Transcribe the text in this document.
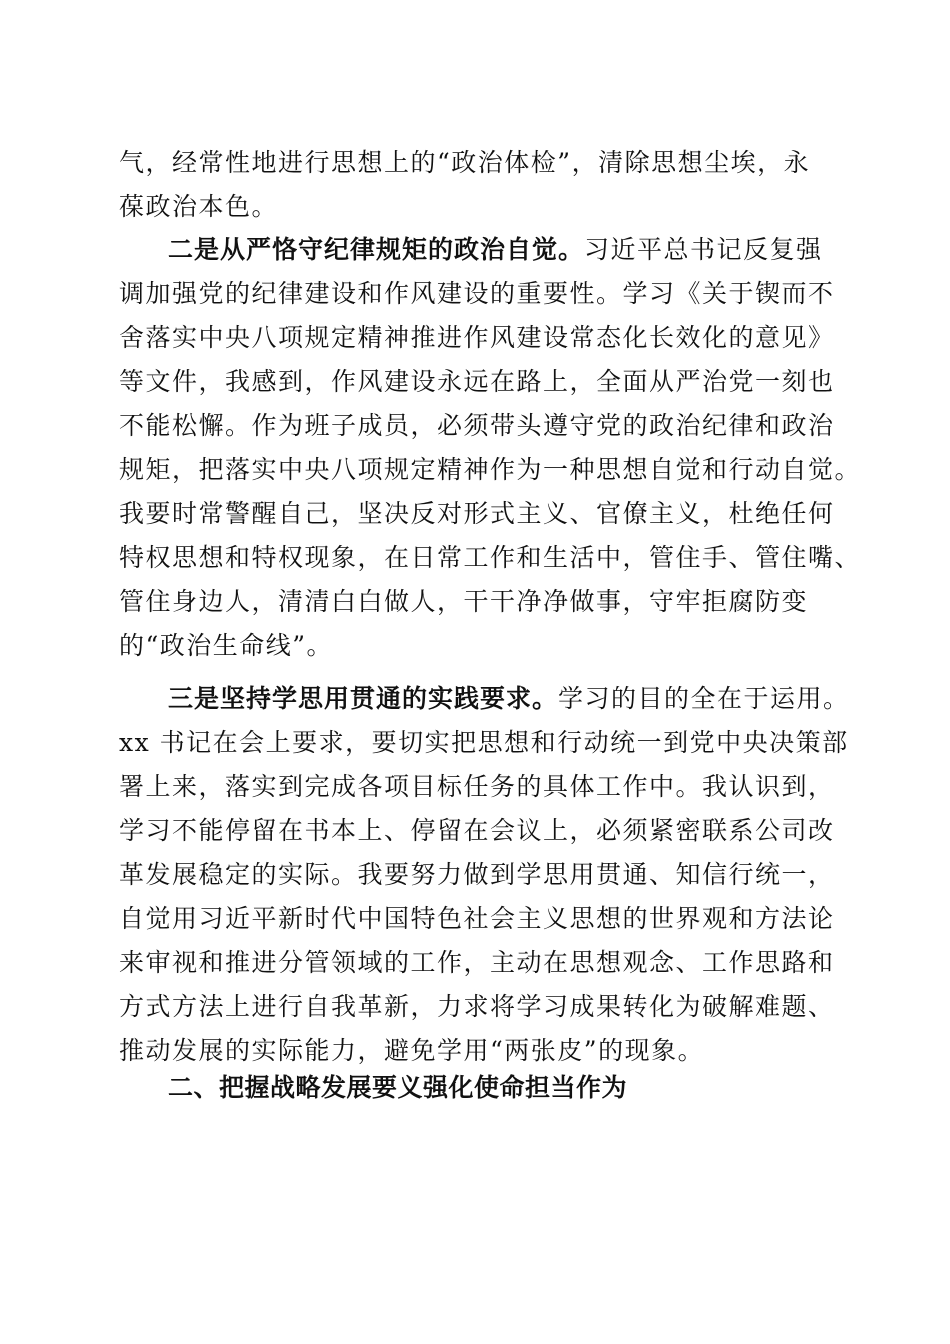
气，经常性地进行思想上的“政治体检”，清除思想尘埃，永
葆政治本色。
二是从严恪守纪律规矩的政治自觉。习近平总书记反复强
调加强党的纪律建设和作风建设的重要性。学习《关于锲而不
舍落实中央八项规定精神推进作风建设常态化长效化的意见》
等文件，我感到，作风建设永远在路上，全面从严治党一刻也
不能松懈。作为班子成员，必须带头遵守党的政治纪律和政治
规矩，把落实中央八项规定精神作为一种思想自觉和行动自觉。
我要时常警醒自己，坚决反对形式主义、官僚主义，杜绝任何
特权思想和特权现象，在日常工作和生活中，管住手、管住嘴、
管住身边人，清清白白做人，干干净净做事，守牢拒腐防变
的“政治生命线”。
三是坚持学思用贯通的实践要求。学习的目的全在于运用。
xx 书记在会上要求，要切实把思想和行动统一到党中央决策部
署上来，落实到完成各项目标任务的具体工作中。我认识到，
学习不能停留在书本上、停留在会议上，必须紧密联系公司改
革发展稳定的实际。我要努力做到学思用贯通、知信行统一，
自觉用习近平新时代中国特色社会主义思想的世界观和方法论
来审视和推进分管领域的工作，主动在思想观念、工作思路和
方式方法上进行自我革新，力求将学习成果转化为破解难题、
推动发展的实际能力，避免学用“两张皮”的现象。
二、把握战略发展要义强化使命担当作为
